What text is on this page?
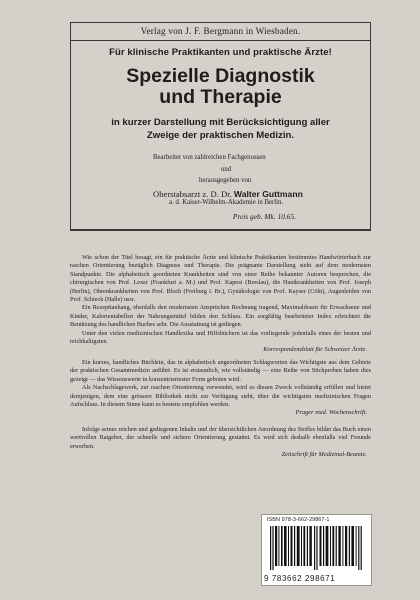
Verlag von J. F. Bergmann in Wiesbaden.
Für klinische Praktikanten und praktische Ärzte!
Spezielle Diagnostik
und Therapie
in kurzer Darstellung mit Berücksichtigung aller
Zweige der praktischen Medizin.
Bearbeitet von zahlreichen Fachgenossen
und
herausgegeben von
Oberstabsarzt z. D. Dr. Walter Guttmann
a. d. Kaiser-Wilhelm-Akademie in Berlin.
Preis geb. Mk. 10.65.

Wie schon der Titel besagt, ein für praktische Ärzte und klinische Praktikanten bestimmtes Handwörterbuch zur raschen Orientierung bezüglich Diagnose und Therapie. Die prägnante Darstellung steht auf dem modernsten Standpunkte. Die alphabetisch geordneten Krankheiten sind von einer Reihe bekannter Autoren besprochen, die chirurgischen von Prof. Lexer (Frankfurt a. M.) und Prof. Kaposi (Breslau), die Hautkrankheiten von Prof. Joseph (Berlin), Ohrenkrankheiten von Prof. Bloch (Freiburg i. Br.), Gynäkologie von Prof. Kayser (Cöln), Augenleiden von Prof. Schieck (Halle) usw.

Ein Rezepttanhang, ebenfalls den modernsten Ansprüchen Rechnung tragend, Maximaldosen für Erwachsene und Kinder, Kalorientabellen der Nahrungsmittel bilden den Schluss. Ein sorgfältig bearbeiteter Index erleichtert die Benützung des handlichen Buches sehr. Die Ausstattung ist gediegen.

Unter den vielen medizinischen Handlexika und Hilfsbüchern ist das vorliegende jedenfalls eines der besten und reichhaltigsten.

Korrespondenzblatt für Schweizer Ärzte.

Ein kurzes, handliches Büchlein, das in alphabetisch angeordneten Schlagworten das Wichtigste aus dem Gebiete der praktischen Gesamtmedizin anführt. Es ist erstaunlich, wie vollständig — eine Reihe von Stichproben haben dies gezeigt — das Wissenswerte in konzentriertester Form geboten wird.

Als Nachschlagewerk, zur raschen Orientierung verwendet, wird es diesen Zweck vollständig erfüllen und bietet demjenigen, dem eine grössere Bibliothek nicht zur Verfügung steht, über die wichtigsten medizinischen Fragen Aufschluss. In diesem Sinne kann es bestens empfohlen werden.

Prager med. Wochenschrift.

Infolge seines reichen und gediegenen Inhalts und der übersichtlichen Anordnung des Stoffes bildet das Buch einen wertvollen Ratgeber, der schnelle und sichere Orientierung gestattet. Es wird sich deshalb ebenfalls viel Freunde erwerben.

Zeitschrift für Medizinal-Beamte.
ISBN 978-3-662-29867-1
9 783662 298671
